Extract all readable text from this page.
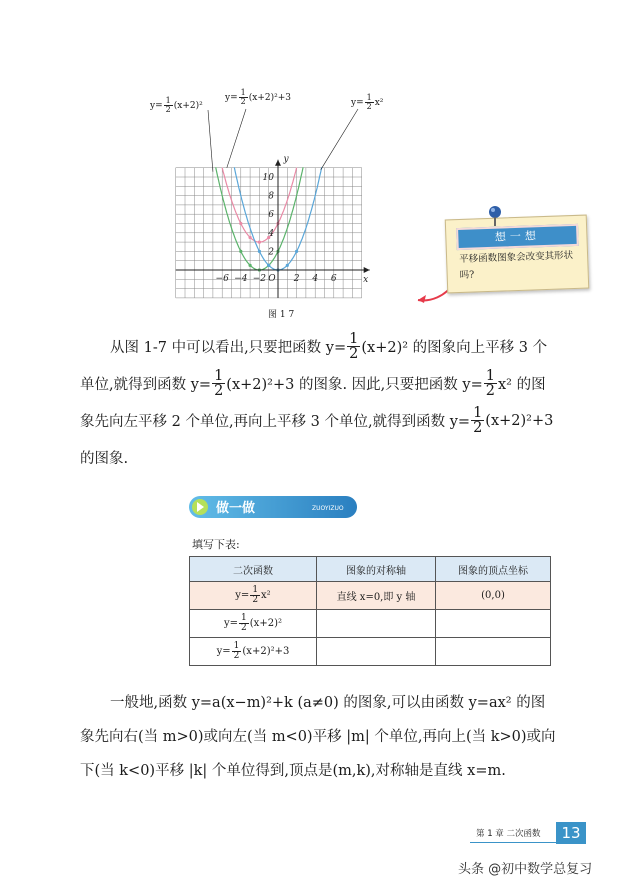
−6 −4 −2	2 4 6
10
8
6
4
2
O	x
y
$y= \frac{1}{2} (x+2)^2$
$y= \frac{1}{2} (x+2)^2+3$	$y= \frac{1}{2} x^2$
图 1 7
想一想
平移函数图象会改变其形状吗?
从图 1-7 中可以看出,只要把函数 $y= \frac{1}{2} (x+2)^2$ 的图象向上平移 3 个
单位,就得到函数 $y= \frac{1}{2} (x+2)^2+3$ 的图象. 因此,只要把函数 $y= \frac{1}{2} x^2$ 的图
象先向左平移 2 个单位,再向上平移 3 个单位,就得到函数 $y= \frac{1}{2} (x+2)^2+3$
的图象.
做一做	ZUOYIZUO
填写下表:
二次函数	图象的对称轴	图象的顶点坐标
$y= \frac{1}{2} x^2$	直线 x=0,即 y 轴	(0,0)
$y= \frac{1}{2} (x+2)^2$		
$y= \frac{1}{2} (x+2)^2+3$		
一般地,函数 y=a(x−m)²+k (a≠0) 的图象,可以由函数 y=ax² 的图
象先向右(当 m>0)或向左(当 m<0)平移 |m| 个单位,再向上(当 k>0)或向
下(当 k<0)平移 |k| 个单位得到,顶点是(m,k),对称轴是直线 x=m.
第 1 章 二次函数	13
头条 @初中数学总复习
